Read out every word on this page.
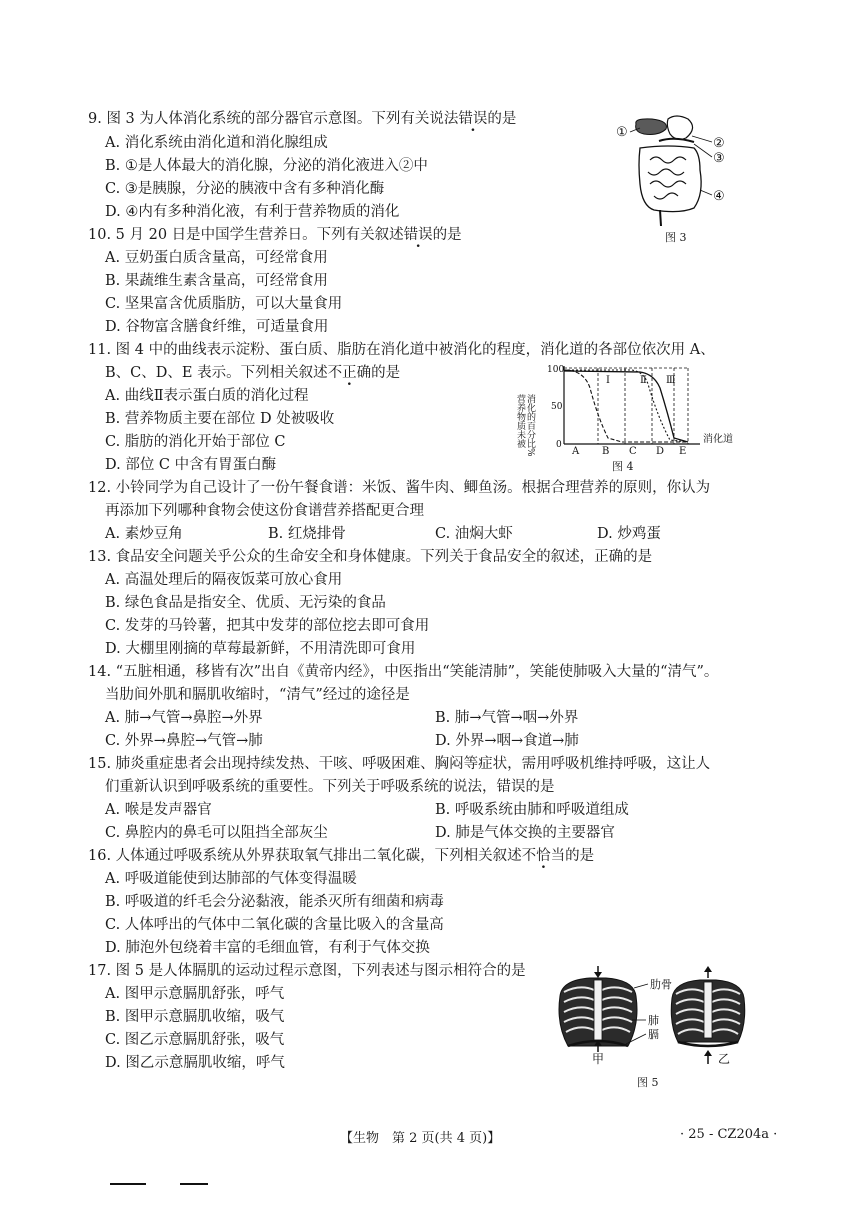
9. 图 3 为人体消化系统的部分器官示意图。下列有关说法错误的是
A. 消化系统由消化道和消化腺组成
B. ①是人体最大的消化腺，分泌的消化液进入②中
C. ③是胰腺，分泌的胰液中含有多种消化酶
D. ④内有多种消化液，有利于营养物质的消化
①
②
③
④
图 3
10. 5 月 20 日是中国学生营养日。下列有关叙述错误的是
A. 豆奶蛋白质含量高，可经常食用
B. 果蔬维生素含量高，可经常食用
C. 坚果富含优质脂肪，可以大量食用
D. 谷物富含膳食纤维，可适量食用
11. 图 4 中的曲线表示淀粉、蛋白质、脂肪在消化道中被消化的程度，消化道的各部位依次用 A、
B、C、D、E 表示。下列相关叙述不正确的是
A. 曲线Ⅱ表示蛋白质的消化过程
B. 营养物质主要在部位 D 处被吸收
C. 脂肪的消化开始于部位 C
D. 部位 C 中含有胃蛋白酶
营养物质未被 消化的百分比%
100
50
0	消化道
A B C D E
Ⅰ	Ⅱ Ⅲ
图 4
12. 小铃同学为自己设计了一份午餐食谱：米饭、酱牛肉、鲫鱼汤。根据合理营养的原则，你认为
再添加下列哪种食物会使这份食谱营养搭配更合理
A. 素炒豆角	B. 红烧排骨	C. 油焖大虾	D. 炒鸡蛋
13. 食品安全问题关乎公众的生命安全和身体健康。下列关于食品安全的叙述，正确的是
A. 高温处理后的隔夜饭菜可放心食用
B. 绿色食品是指安全、优质、无污染的食品
C. 发芽的马铃薯，把其中发芽的部位挖去即可食用
D. 大棚里刚摘的草莓最新鲜，不用清洗即可食用
14. “五脏相通，移皆有次”出自《黄帝内经》，中医指出“笑能清肺”，笑能使肺吸入大量的“清气”。
当肋间外肌和膈肌收缩时，“清气”经过的途径是
A. 肺→气管→鼻腔→外界	B. 肺→气管→咽→外界
C. 外界→鼻腔→气管→肺	D. 外界→咽→食道→肺
15. 肺炎重症患者会出现持续发热、干咳、呼吸困难、胸闷等症状，需用呼吸机维持呼吸，这让人
们重新认识到呼吸系统的重要性。下列关于呼吸系统的说法，错误的是
A. 喉是发声器官	B. 呼吸系统由肺和呼吸道组成
C. 鼻腔内的鼻毛可以阻挡全部灰尘	D. 肺是气体交换的主要器官
16. 人体通过呼吸系统从外界获取氧气排出二氧化碳，下列相关叙述不恰当的是
A. 呼吸道能使到达肺部的气体变得温暖
B. 呼吸道的纤毛会分泌黏液，能杀灭所有细菌和病毒
C. 人体呼出的气体中二氧化碳的含量比吸入的含量高
D. 肺泡外包绕着丰富的毛细血管，有利于气体交换
17. 图 5 是人体膈肌的运动过程示意图，下列表述与图示相符合的是
A. 图甲示意膈肌舒张，呼气
B. 图甲示意膈肌收缩，吸气
C. 图乙示意膈肌舒张，吸气
D. 图乙示意膈肌收缩，呼气
肋骨
肺
膈
甲	乙
图 5
【生物　第 2 页(共 4 页)】	· 25 - CZ204a ·
